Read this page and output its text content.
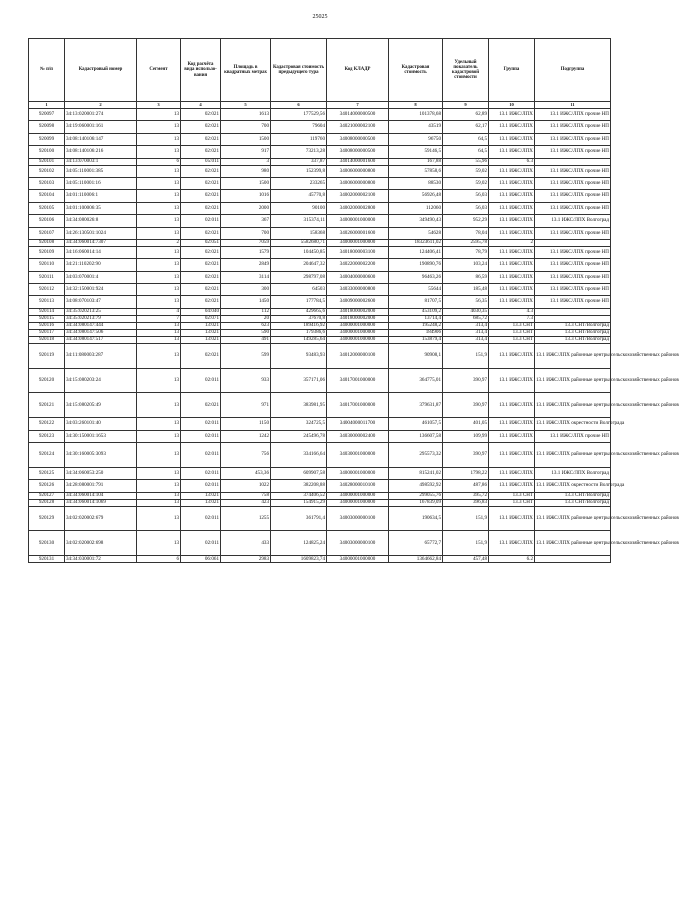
25025
№ п/п	Кадастровый номер	Сегмент	Код расчёта вида использо-вания	Площадь в квадратных метрах	Кадастровая стоимость предыдущего тура	Код КЛАДР	Кадастровая стоимость	Удельный показатель кадастровой стоимости	Группа	Подгруппа
1	2	3	4	5	6	7	8	9	10	11
920097	34:13:020001:274	13	02:021	1613	177529,56	34014000000500	101378,68	62,89	13.1 ИЖС/ЛПХ	13.1 ИЖС/ЛПХ прочие НП
920098	34:19:060001:161	13	02:021	700	79604	34021000002100	43519	62,17	13.1 ИЖС/ЛПХ	13.1 ИЖС/ЛПХ прочие НП
920099	34:08:140106:147	13	02:021	1500	119760	34008000000500	96750	64,5	13.1 ИЖС/ЛПХ	13.1 ИЖС/ЛПХ прочие НП
920100	34:08:140106:216	13	02:021	917	73213,28	34008000000500	59146,5	64,5	13.1 ИЖС/ЛПХ	13.1 ИЖС/ЛПХ прочие НП
920101	34:13:070003:1	6	05:011	3	337,87	34014000001600	167,88	55,96	6.3	
920102	34:05:110001:385	13	02:021	980	152399,8	34006000000800	57858,6	59,02	13.1 ИЖС/ЛПХ	13.1 ИЖС/ЛПХ прочие НП
920103	34:05:110001:16	13	02:021	1500	233265	34006000000800	88530	59,02	13.1 ИЖС/ЛПХ	13.1 ИЖС/ЛПХ прочие НП
920104	34:01:110006:1	13	02:021	1016	45770,8	34002000002100	56926,48	56,03	13.1 ИЖС/ЛПХ	13.1 ИЖС/ЛПХ прочие НП
920105	34:01:100006:35	13	02:021	2000	90100	34002000002800	112060	56,03	13.1 ИЖС/ЛПХ	13.1 ИЖС/ЛПХ прочие НП
920106	34:34:080026:8	13	02:011	367	315374,11	34000001000000	349490,43	952,29	13.1 ИЖС/ЛПХ	13.1 ИЖС/ЛПХ Волгоград
920107	34:26:130501:1024	13	02:021	700	158368	34026000001600	54628	78,04	13.1 ИЖС/ЛПХ	13.1 ИЖС/ЛПХ прочие НП
920108	34:34:060014:7307	2	02:051	7059	5582680,71	34000001000000	18323611,02	2595,78	2	
920109	34:16:060014:14	13	02:021	1579	104450,85	34018000003100	124406,41	78,79	13.1 ИЖС/ЛПХ	13.1 ИЖС/ЛПХ прочие НП
920110	34:21:110202:90	13	02:021	2849	204647,32	34022000002200	190890,76	103,24	13.1 ИЖС/ЛПХ	13.1 ИЖС/ЛПХ прочие НП
920111	34:03:070001:4	13	02:021	3114	298797,08	34004000000600	96463,26	86,59	13.1 ИЖС/ЛПХ	13.1 ИЖС/ЛПХ прочие НП
920112	34:32:150001:924	13	02:021	300	64503	34033000000800	55644	185,48	13.1 ИЖС/ЛПХ	13.1 ИЖС/ЛПХ прочие НП
920113	34:08:070103:47	13	02:021	1450	177784,5	34009000002600	81707,5	56,35	13.1 ИЖС/ЛПХ	13.1 ИЖС/ЛПХ прочие НП
920114	34:35:020213:25	4	04:040	112	429665,6	34018000002000	453109,2	4030,35	4.3	
920115	34:35:020213:79	7	02:071	20	37670,8	34018000002000	13714,4	685,72	7.3	
920116	34:34:080147:444	13	13:021	623	189416,92	34000001000000	195248,2	313,4	13.3 СНТ	13.3 СНТ/Волгоград
920117	34:34:080147:506	13	13:021	590	179386,6	34000001000000	184906	313,4	13.3 СНТ	13.3 СНТ/Волгоград
920118	34:34:080147:517	13	13:021	491	149285,64	34000001000000	153879,4	313,4	13.3 СНТ	13.3 СНТ/Волгоград
920119	34:11:080003:287	13	02:021	599	93483,93	34012000000100	90908,1	151,9	13.1 ИЖС/ЛПХ	13.1 ИЖС/ЛПХ районные центры сельскохозяйственных районов
920120	34:15:080203:24	13	02:011	933	357171,06	34017001000000	364775,01	390,97	13.1 ИЖС/ЛПХ	13.1 ИЖС/ЛПХ районные центры сельскохозяйственных районов
920121	34:15:080205:49	13	02:021	971	383981,95	34017001000000	379631,87	390,97	13.1 ИЖС/ЛПХ	13.1 ИЖС/ЛПХ районные центры сельскохозяйственных районов
920122	34:03:260101:40	13	02:011	1150	324725,5	34004000011700	461057,5	401,05	13.1 ИЖС/ЛПХ	13.1 ИЖС/ЛПХ окрестности Волгограда
920123	34:30:150001:1653	13	02:011	1242	245496,78	34030000002400	136607,58	109,99	13.1 ИЖС/ЛПХ	13.1 ИЖС/ЛПХ прочие НП
920124	34:30:160005:3093	13	02:011	756	334166,64	34030001000000	295573,32	390,97	13.1 ИЖС/ЛПХ	13.1 ИЖС/ЛПХ районные центры сельскохозяйственных районов
920125	34:34:060053:250	13	02:011	453,36	609907,58	34000001000000	815241,02	1798,22	13.1 ИЖС/ЛПХ	13.1 ИЖС/ЛПХ Волгоград
920126	34:28:080001:791	13	02:011	1022	382208,88	34028000010100	498592,92	487,86	13.1 ИЖС/ЛПХ	13.1 ИЖС/ЛПХ окрестности Волгограда
920127	34:34:060014:104	13	13:021	758	374406,52	34000001000000	299055,76	395,72	13.3 СНТ	13.3 СНТ/Волгоград
920128	34:34:060014:1069	13	13:021	423	154915,29	34000001000000	167839,09	396,83	13.3 СНТ	13.3 СНТ/Волгоград
920129	34:02:020002:679	13	02:011	1255	361791,4	34003000000100	190634,5	151,9	13.1 ИЖС/ЛПХ	13.1 ИЖС/ЛПХ районные центры сельскохозяйственных районов
920130	34:02:020002:698	13	02:011	433	124825,24	34003000000100	65772,7	151,9	13.1 ИЖС/ЛПХ	13.1 ИЖС/ЛПХ районные центры сельскохозяйственных районов
920131	34:34:030001:72	6	06:061	2983	1609823,74	34000001000000	1364662,84	457,48	6.2	
